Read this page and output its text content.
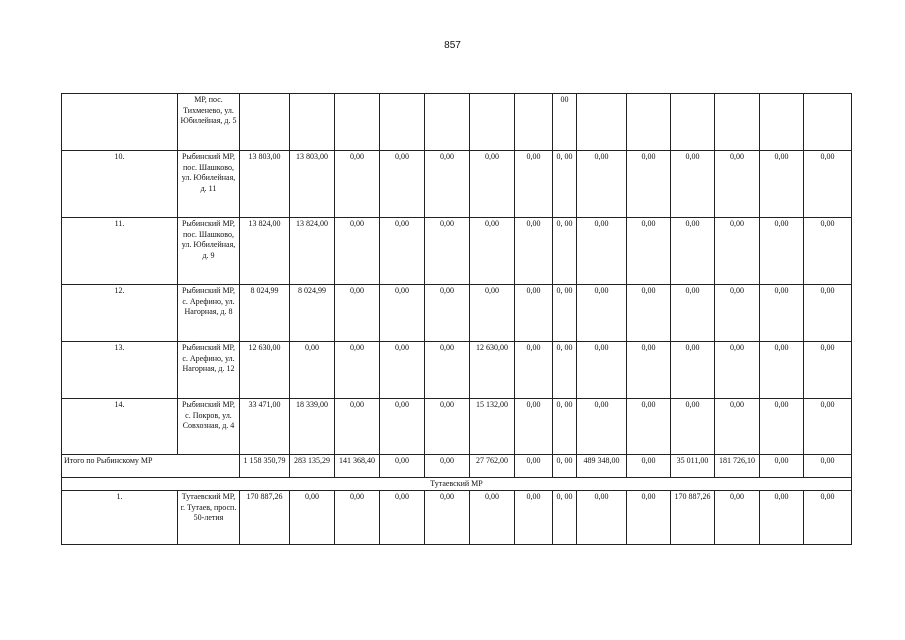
857
	МР, пос. Тихменево, ул. Юбилейная, д. 5								00						
10.	Рыбинский МР, пос. Шашково, ул. Юбилейная, д. 11	13 803,00	13 803,00	0,00	0,00	0,00	0,00	0,00	0, 00	0,00	0,00	0,00	0,00	0,00	0,00
11.	Рыбинский МР, пос. Шашково, ул. Юбилейная, д. 9	13 824,00	13 824,00	0,00	0,00	0,00	0,00	0,00	0, 00	0,00	0,00	0,00	0,00	0,00	0,00
12.	Рыбинский МР, с. Арефино, ул. Нагорная, д. 8	8 024,99	8 024,99	0,00	0,00	0,00	0,00	0,00	0, 00	0,00	0,00	0,00	0,00	0,00	0,00
13.	Рыбинский МР, с. Арефино, ул. Нагорная, д. 12	12 630,00	0,00	0,00	0,00	0,00	12 630,00	0,00	0, 00	0,00	0,00	0,00	0,00	0,00	0,00
14.	Рыбинский МР, с. Покров, ул. Совхозная, д. 4	33 471,00	18 339,00	0,00	0,00	0,00	15 132,00	0,00	0, 00	0,00	0,00	0,00	0,00	0,00	0,00
Итого по Рыбинскому МР		1 158 350,79	283 135,29	141 368,40	0,00	0,00	27 762,00	0,00	0, 00	489 348,00	0,00	35 011,00	181 726,10	0,00	0,00
Тутаевский МР															
1.	Тутаевский МР, г. Тутаев, просп. 50-летия	170 887,26	0,00	0,00	0,00	0,00	0,00	0,00	0, 00	0,00	0,00	170 887,26	0,00	0,00	0,00
